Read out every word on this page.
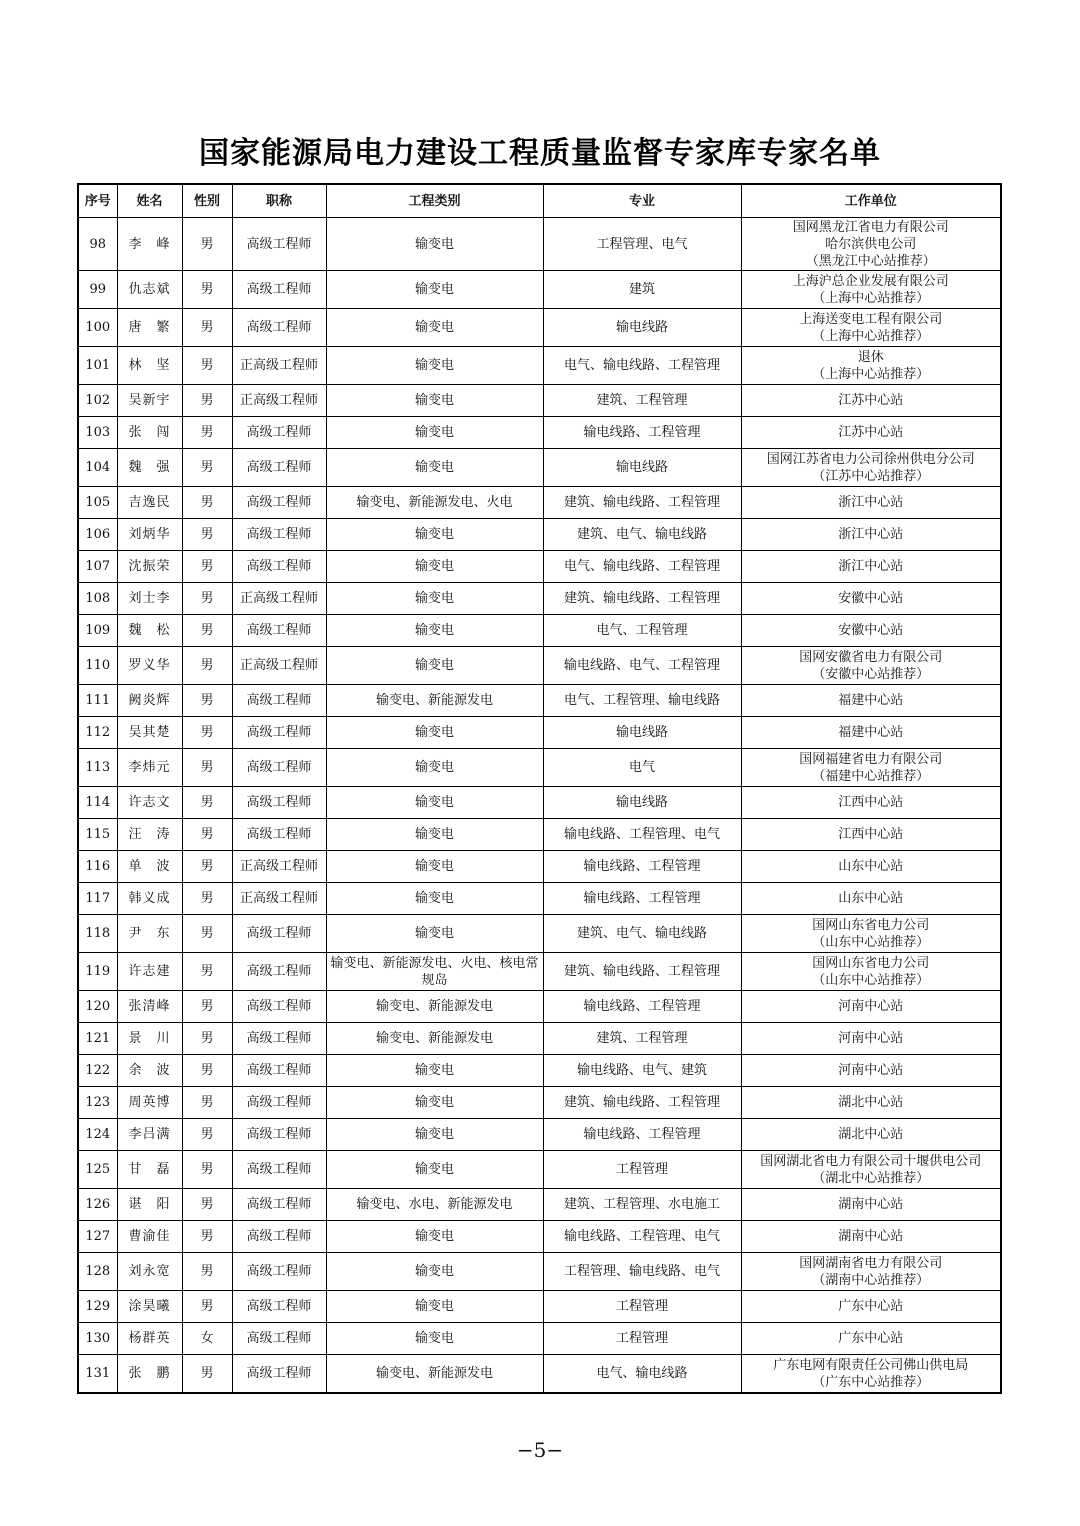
国家能源局电力建设工程质量监督专家库专家名单
序号	姓名	性别	职称	工程类别	专业	工作单位
98	李　峰	男	高级工程师	输变电	工程管理、电气	国网黑龙江省电力有限公司
哈尔滨供电公司
（黑龙江中心站推荐）

99	仇志斌	男	高级工程师	输变电	建筑	上海沪总企业发展有限公司
（上海中心站推荐）

100	唐　繁	男	高级工程师	输变电	输电线路	上海送变电工程有限公司
（上海中心站推荐）

101	林　坚	男	正高级工程师	输变电	电气、输电线路、工程管理	退休
（上海中心站推荐）

102	吴新宇	男	正高级工程师	输变电	建筑、工程管理	江苏中心站

103	张　闯	男	高级工程师	输变电	输电线路、工程管理	江苏中心站

104	魏　强	男	高级工程师	输变电	输电线路	国网江苏省电力公司徐州供电分公司
（江苏中心站推荐）

105	吉逸民	男	高级工程师	输变电、新能源发电、火电	建筑、输电线路、工程管理	浙江中心站

106	刘炳华	男	高级工程师	输变电	建筑、电气、输电线路	浙江中心站

107	沈振荣	男	高级工程师	输变电	电气、输电线路、工程管理	浙江中心站

108	刘士李	男	正高级工程师	输变电	建筑、输电线路、工程管理	安徽中心站

109	魏　松	男	高级工程师	输变电	电气、工程管理	安徽中心站

110	罗义华	男	正高级工程师	输变电	输电线路、电气、工程管理	国网安徽省电力有限公司
（安徽中心站推荐）

111	阙炎辉	男	高级工程师	输变电、新能源发电	电气、工程管理、输电线路	福建中心站

112	吴其楚	男	高级工程师	输变电	输电线路	福建中心站

113	李炜元	男	高级工程师	输变电	电气	国网福建省电力有限公司
（福建中心站推荐）

114	许志文	男	高级工程师	输变电	输电线路	江西中心站

115	汪　涛	男	高级工程师	输变电	输电线路、工程管理、电气	江西中心站

116	单　波	男	正高级工程师	输变电	输电线路、工程管理	山东中心站

117	韩义成	男	正高级工程师	输变电	输电线路、工程管理	山东中心站

118	尹　东	男	高级工程师	输变电	建筑、电气、输电线路	国网山东省电力公司
（山东中心站推荐）

119	许志建	男	高级工程师	输变电、新能源发电、火电、核电常规岛	建筑、输电线路、工程管理	国网山东省电力公司
（山东中心站推荐）

120	张清峰	男	高级工程师	输变电、新能源发电	输电线路、工程管理	河南中心站

121	景　川	男	高级工程师	输变电、新能源发电	建筑、工程管理	河南中心站

122	余　波	男	高级工程师	输变电	输电线路、电气、建筑	河南中心站

123	周英博	男	高级工程师	输变电	建筑、输电线路、工程管理	湖北中心站

124	李吕满	男	高级工程师	输变电	输电线路、工程管理	湖北中心站

125	甘　磊	男	高级工程师	输变电	工程管理	国网湖北省电力有限公司十堰供电公司
（湖北中心站推荐）

126	谌　阳	男	高级工程师	输变电、水电、新能源发电	建筑、工程管理、水电施工	湖南中心站

127	曹渝佳	男	高级工程师	输变电	输电线路、工程管理、电气	湖南中心站

128	刘永宽	男	高级工程师	输变电	工程管理、输电线路、电气	国网湖南省电力有限公司
（湖南中心站推荐）

129	涂昊曦	男	高级工程师	输变电	工程管理	广东中心站

130	杨群英	女	高级工程师	输变电	工程管理	广东中心站

131	张　鹏	男	高级工程师	输变电、新能源发电	电气、输电线路	广东电网有限责任公司佛山供电局
（广东中心站推荐）
−5−
